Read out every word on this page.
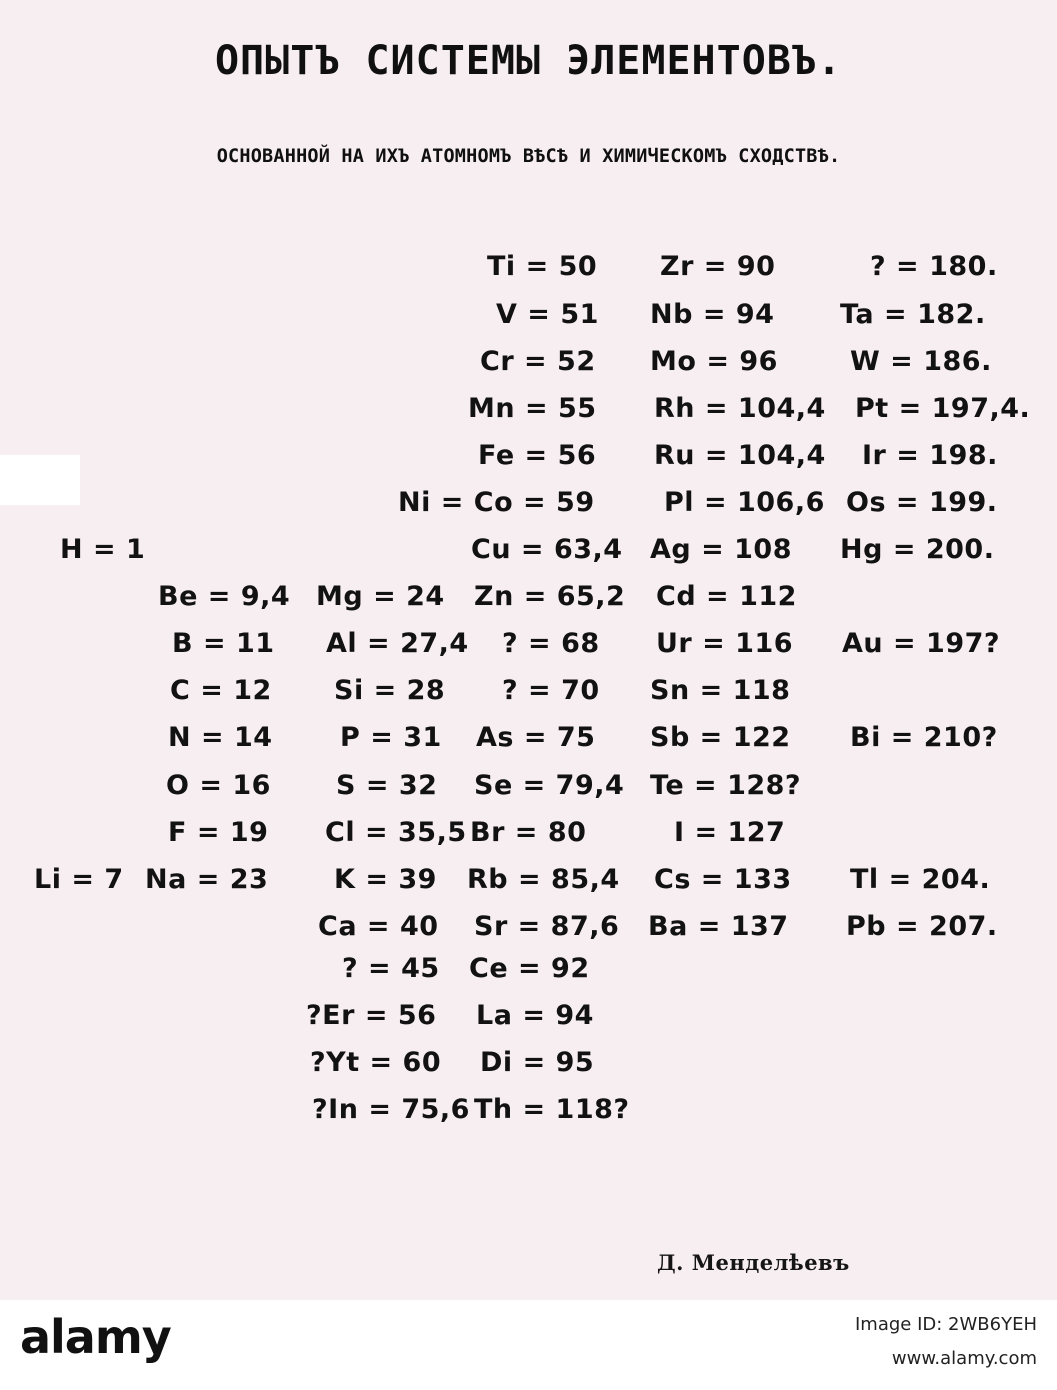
ОПЫТЪ СИСТЕМЫ ЭЛЕМЕНТОВЪ.
ОСНОВАННОЙ НА ИХЪ АТОМНОМЪ ВѢСѢ И ХИМИЧЕСКОМЪ СХОДСТВѢ.
H = 1
Li = 7
Be = 9,4
B = 11
C = 12
N = 14
O = 16
F = 19
Na = 23
Mg = 24
Al = 27,4
Si = 28
P = 31
S = 32
Cl = 35,5
K = 39
Ca = 40
? = 45
?Er = 56
?Yt = 60
?In = 75,6
Ti = 50
V = 51
Cr = 52
Mn = 55
Fe = 56
Ni = Co = 59
Cu = 63,4
Zn = 65,2
? = 68
? = 70
As = 75
Se = 79,4
Br = 80
Rb = 85,4
Sr = 87,6
Ce = 92
La = 94
Di = 95
Th = 118?
Zr = 90
Nb = 94
Mo = 96
Rh = 104,4
Ru = 104,4
Pl = 106,6
Ag = 108
Cd = 112
Ur = 116
Sn = 118
Sb = 122
Te = 128?
I = 127
Cs = 133
Ba = 137
? = 180.
Ta = 182.
W = 186.
Pt = 197,4.
Ir = 198.
Os = 199.
Hg = 200.
Au = 197?
Bi = 210?
Tl = 204.
Pb = 207.
Д. Менделѣевъ
alamy	Image ID: 2WB6YEH
www.alamy.com
